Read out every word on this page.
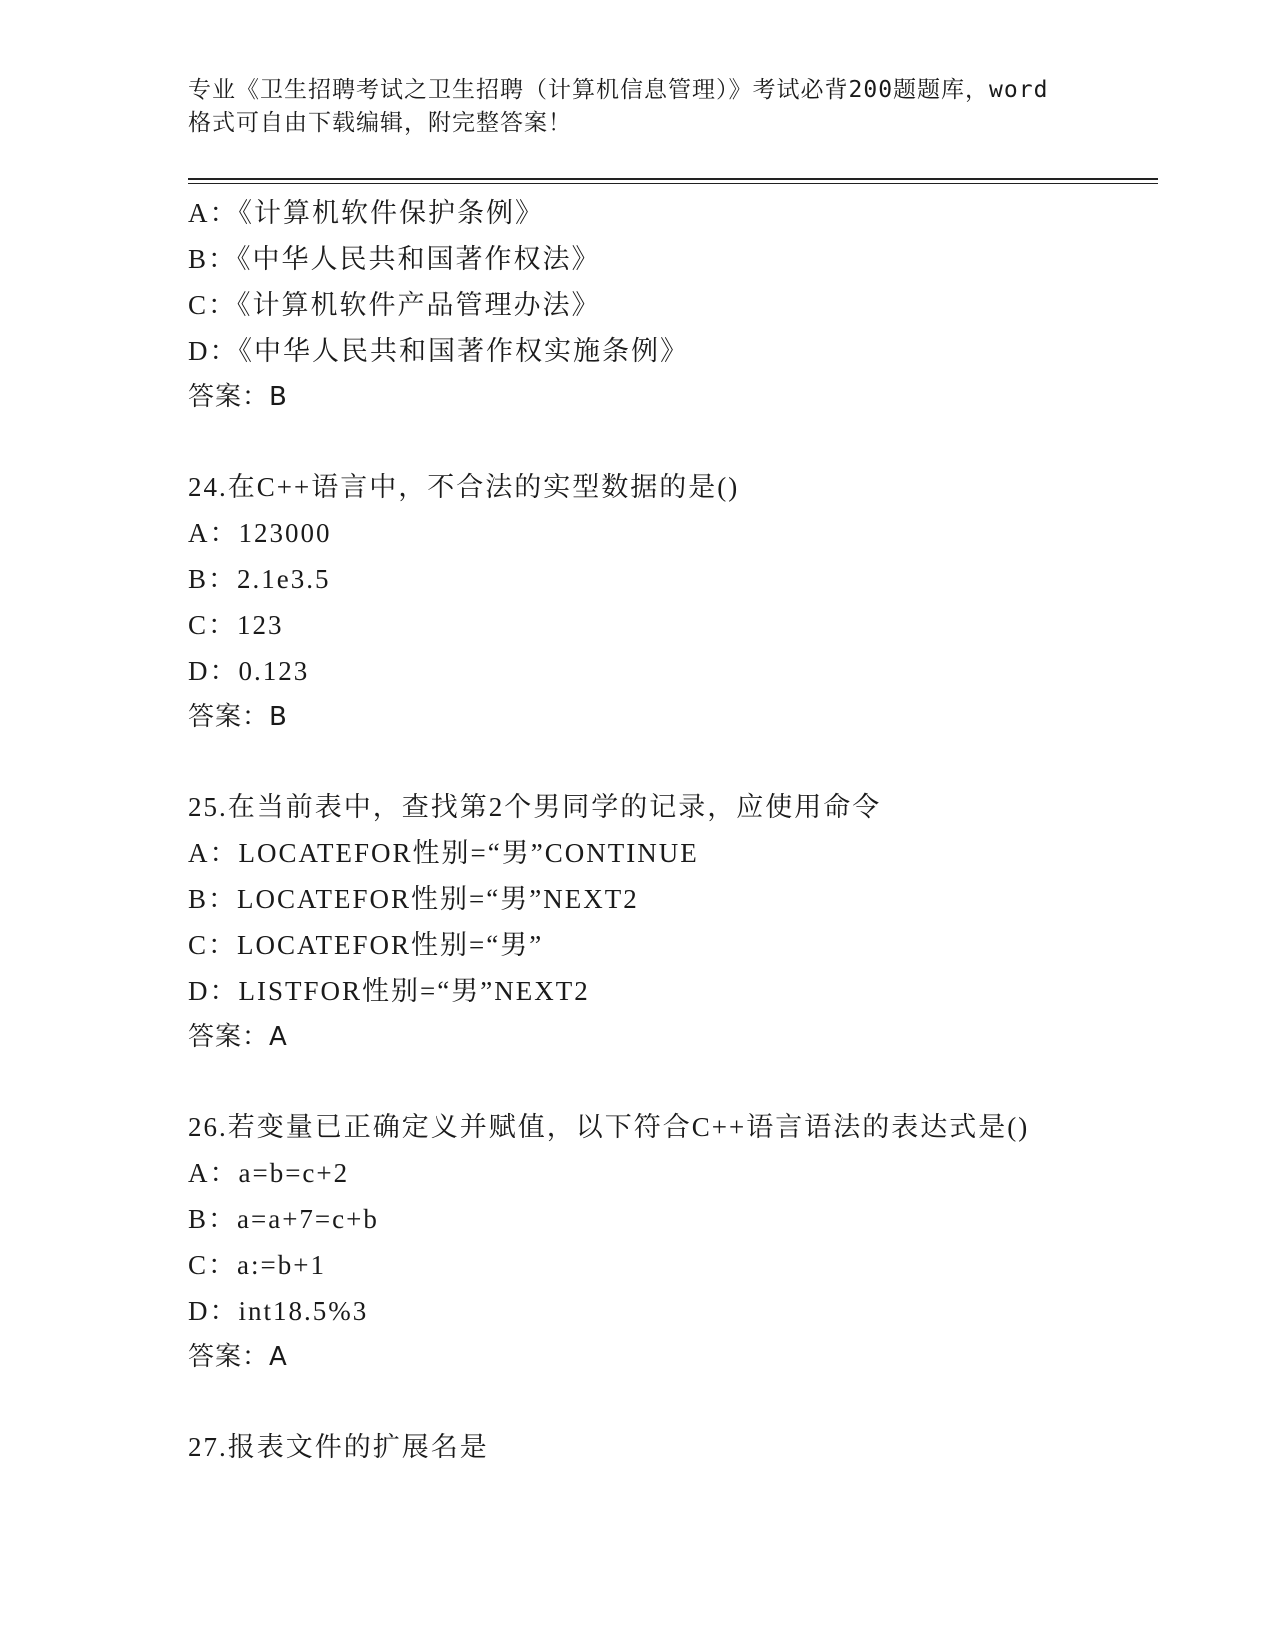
专业《卫生招聘考试之卫生招聘（计算机信息管理）》考试必背200题题库，word
格式可自由下载编辑，附完整答案！
A：《计算机软件保护条例》
B：《中华人民共和国著作权法》
C：《计算机软件产品管理办法》
D：《中华人民共和国著作权实施条例》
答案：B
24.在C++语言中，不合法的实型数据的是()
A：123000
B：2.1e3.5
C：123
D：0.123
答案：B
25.在当前表中，查找第2个男同学的记录，应使用命令
A：LOCATEFOR性别=“男”CONTINUE
B：LOCATEFOR性别=“男”NEXT2
C：LOCATEFOR性别=“男”
D：LISTFOR性别=“男”NEXT2
答案：A
26.若变量已正确定义并赋值，以下符合C++语言语法的表达式是()
A：a=b=c+2
B：a=a+7=c+b
C：a:=b+1
D：int18.5%3
答案：A
27.报表文件的扩展名是
